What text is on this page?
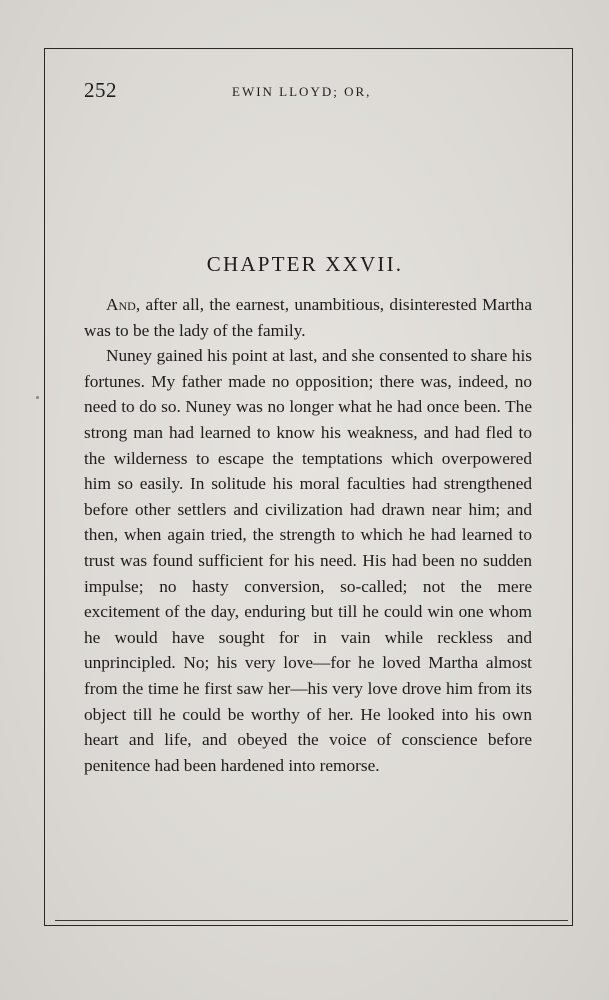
252	EWIN LLOYD; OR,
CHAPTER XXVII.

And, after all, the earnest, unambitious, disinterested Martha was to be the lady of the family.

Nuney gained his point at last, and she consented to share his fortunes. My father made no opposition; there was, indeed, no need to do so. Nuney was no longer what he had once been. The strong man had learned to know his weakness, and had fled to the wilderness to escape the temptations which overpowered him so easily. In solitude his moral faculties had strengthened before other settlers and civilization had drawn near him; and then, when again tried, the strength to which he had learned to trust was found sufficient for his need. His had been no sudden impulse; no hasty conversion, so-called; not the mere excitement of the day, enduring but till he could win one whom he would have sought for in vain while reckless and unprincipled. No; his very love—for he loved Martha almost from the time he first saw her—his very love drove him from its object till he could be worthy of her. He looked into his own heart and life, and obeyed the voice of conscience before penitence had been hardened into remorse.
